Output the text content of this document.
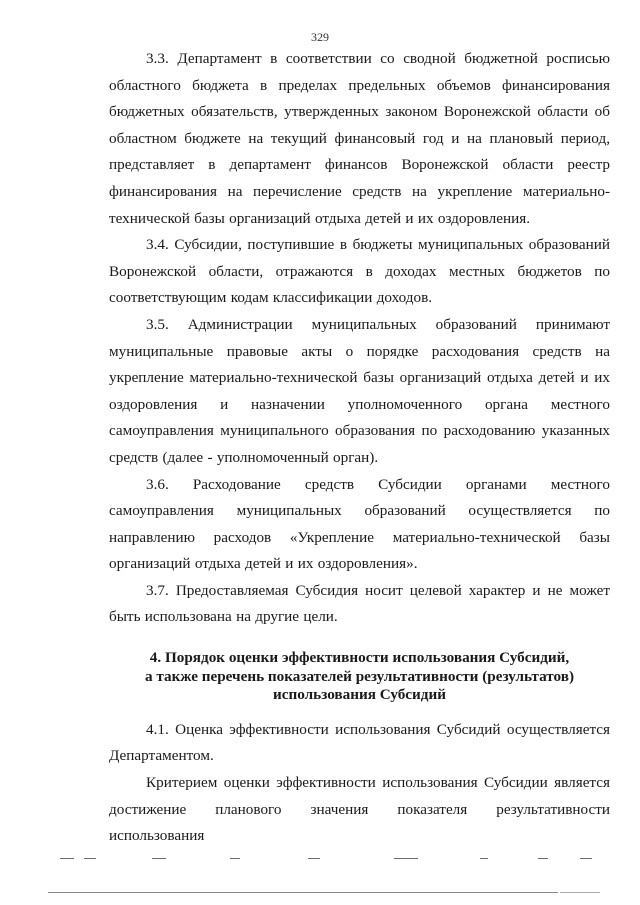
329

3.3. Департамент в соответствии со сводной бюджетной росписью областного бюджета в пределах предельных объемов финансирования бюджетных обязательств, утвержденных законом Воронежской области об областном бюджете на текущий финансовый год и на плановый период, представляет в департамент финансов Воронежской области реестр финансирования на перечисление средств на укрепление материально-технической базы организаций отдыха детей и их оздоровления.

3.4. Субсидии, поступившие в бюджеты муниципальных образований Воронежской области, отражаются в доходах местных бюджетов по соответствующим кодам классификации доходов.

3.5. Администрации муниципальных образований принимают муниципальные правовые акты о порядке расходования средств на укрепление материально-технической базы организаций отдыха детей и их оздоровления и назначении уполномоченного органа местного самоуправления муниципального образования по расходованию указанных средств (далее - уполномоченный орган).

3.6. Расходование средств Субсидии органами местного самоуправления муниципальных образований осуществляется по направлению расходов «Укрепление материально-технической базы организаций отдыха детей и их оздоровления».

3.7. Предоставляемая Субсидия носит целевой характер и не может быть использована на другие цели.

4. Порядок оценки эффективности использования Субсидий,
а также перечень показателей результативности (результатов)
использования Субсидий

4.1. Оценка эффективности использования Субсидий осуществляется Департаментом.

Критерием оценки эффективности использования Субсидии является достижение планового значения показателя результативности использования
